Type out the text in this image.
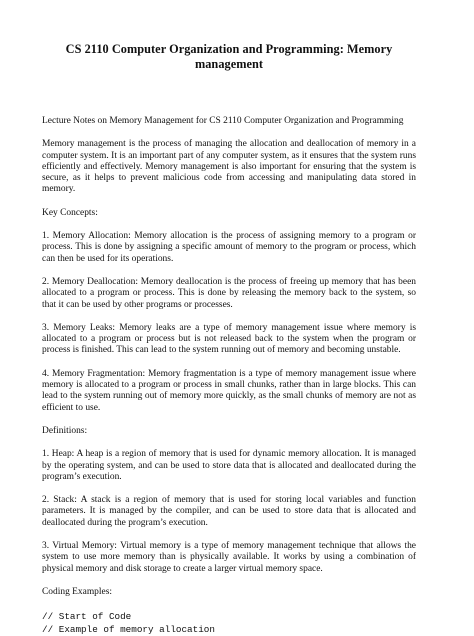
CS 2110 Computer Organization and Programming: Memory management

Lecture Notes on Memory Management for CS 2110 Computer Organization and Programming

Memory management is the process of managing the allocation and deallocation of memory in a computer system. It is an important part of any computer system, as it ensures that the system runs efficiently and effectively. Memory management is also important for ensuring that the system is secure, as it helps to prevent malicious code from accessing and manipulating data stored in memory.

Key Concepts:

1. Memory Allocation: Memory allocation is the process of assigning memory to a program or process. This is done by assigning a specific amount of memory to the program or process, which can then be used for its operations.

2. Memory Deallocation: Memory deallocation is the process of freeing up memory that has been allocated to a program or process. This is done by releasing the memory back to the system, so that it can be used by other programs or processes.

3. Memory Leaks: Memory leaks are a type of memory management issue where memory is allocated to a program or process but is not released back to the system when the program or process is finished. This can lead to the system running out of memory and becoming unstable.

4. Memory Fragmentation: Memory fragmentation is a type of memory management issue where memory is allocated to a program or process in small chunks, rather than in large blocks. This can lead to the system running out of memory more quickly, as the small chunks of memory are not as efficient to use.

Definitions:

1. Heap: A heap is a region of memory that is used for dynamic memory allocation. It is managed by the operating system, and can be used to store data that is allocated and deallocated during the program’s execution.

2. Stack: A stack is a region of memory that is used for storing local variables and function parameters. It is managed by the compiler, and can be used to store data that is allocated and deallocated during the program’s execution.

3. Virtual Memory: Virtual memory is a type of memory management technique that allows the system to use more memory than is physically available. It works by using a combination of physical memory and disk storage to create a larger virtual memory space.

Coding Examples:

// Start of Code
// Example of memory allocation
